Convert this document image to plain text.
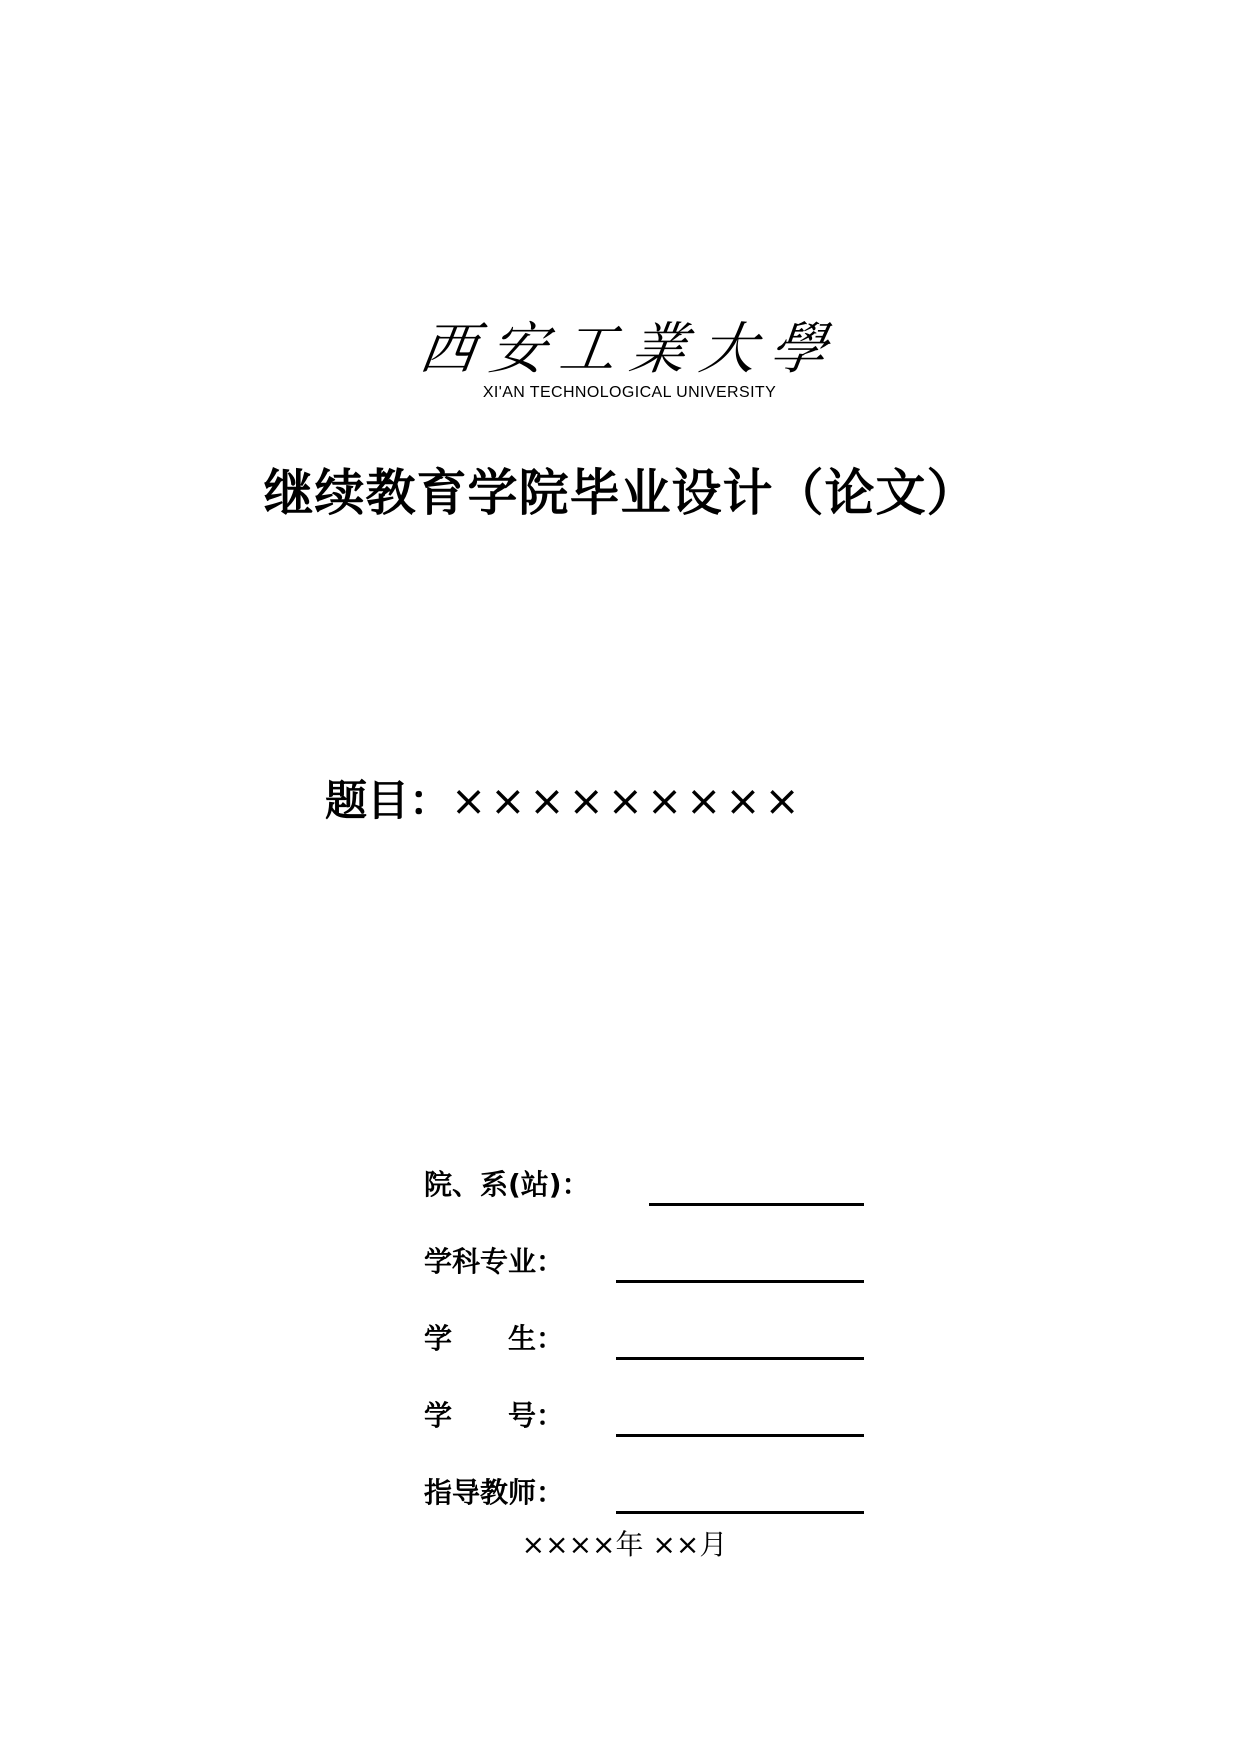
西安工業大學
XI'AN TECHNOLOGICAL UNIVERSITY
继续教育学院毕业设计（论文）
题目：×××××××××
院、系(站)：
学科专业：
学　　生：
学　　号：
指导教师：
××××年 ××月
